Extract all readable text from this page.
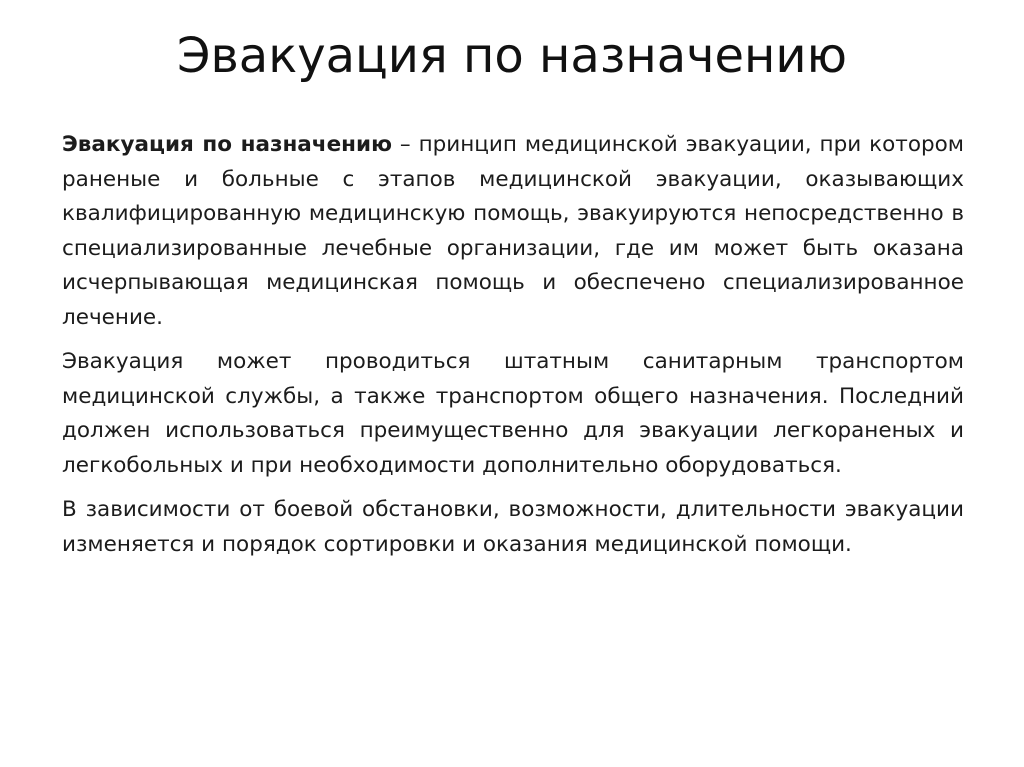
Эвакуация по назначению

Эвакуация по назначению – принцип медицинской эвакуации, при котором раненые и больные с этапов медицинской эвакуации, оказывающих квалифицированную медицинскую помощь, эвакуируются непосредственно в специализированные лечебные организации, где им может быть оказана исчерпывающая медицинская помощь и обеспечено специализированное лечение.

Эвакуация может проводиться штатным санитарным транспортом медицинской службы, а также транспортом общего назначения. Последний должен использоваться преимущественно для эвакуации легкораненых и легкобольных и при необходимости дополнительно оборудоваться.

В зависимости от боевой обстановки, возможности, длительности эвакуации изменяется и порядок сортировки и оказания медицинской помощи.
